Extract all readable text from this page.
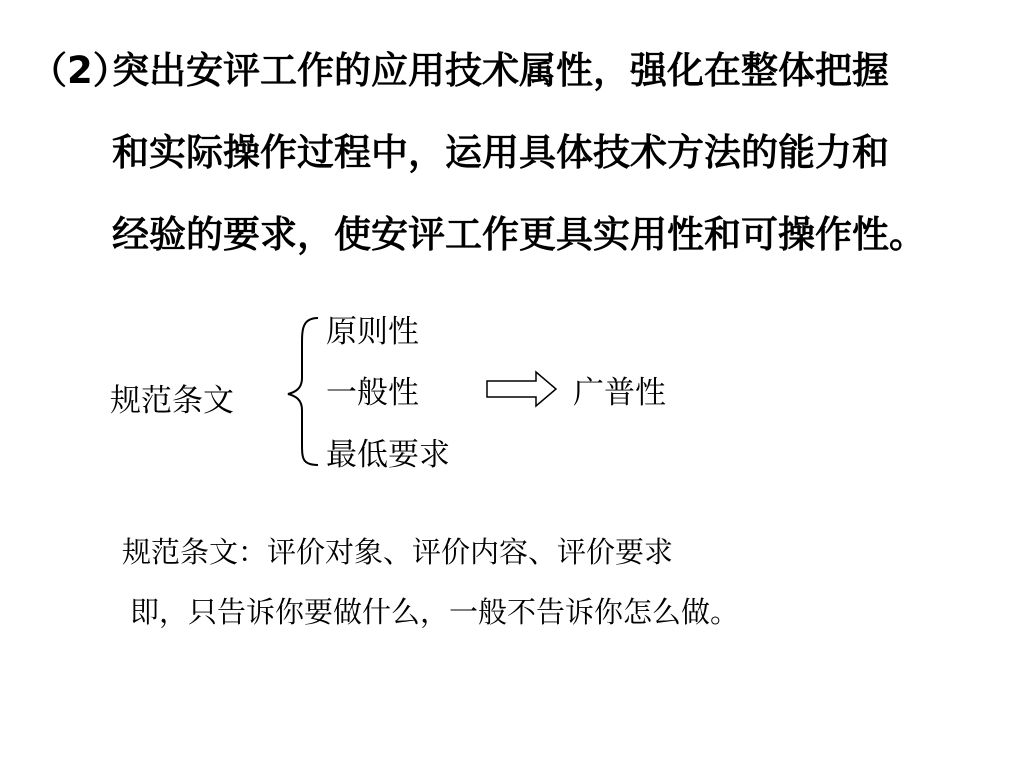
（2）突出安评工作的应用技术属性，强化在整体把握
和实际操作过程中，运用具体技术方法的能力和
经验的要求，使安评工作更具实用性和可操作性。
规范条文
原则性
一般性
最低要求
广普性
规范条文：评价对象、评价内容、评价要求
即，只告诉你要做什么，一般不告诉你怎么做。
